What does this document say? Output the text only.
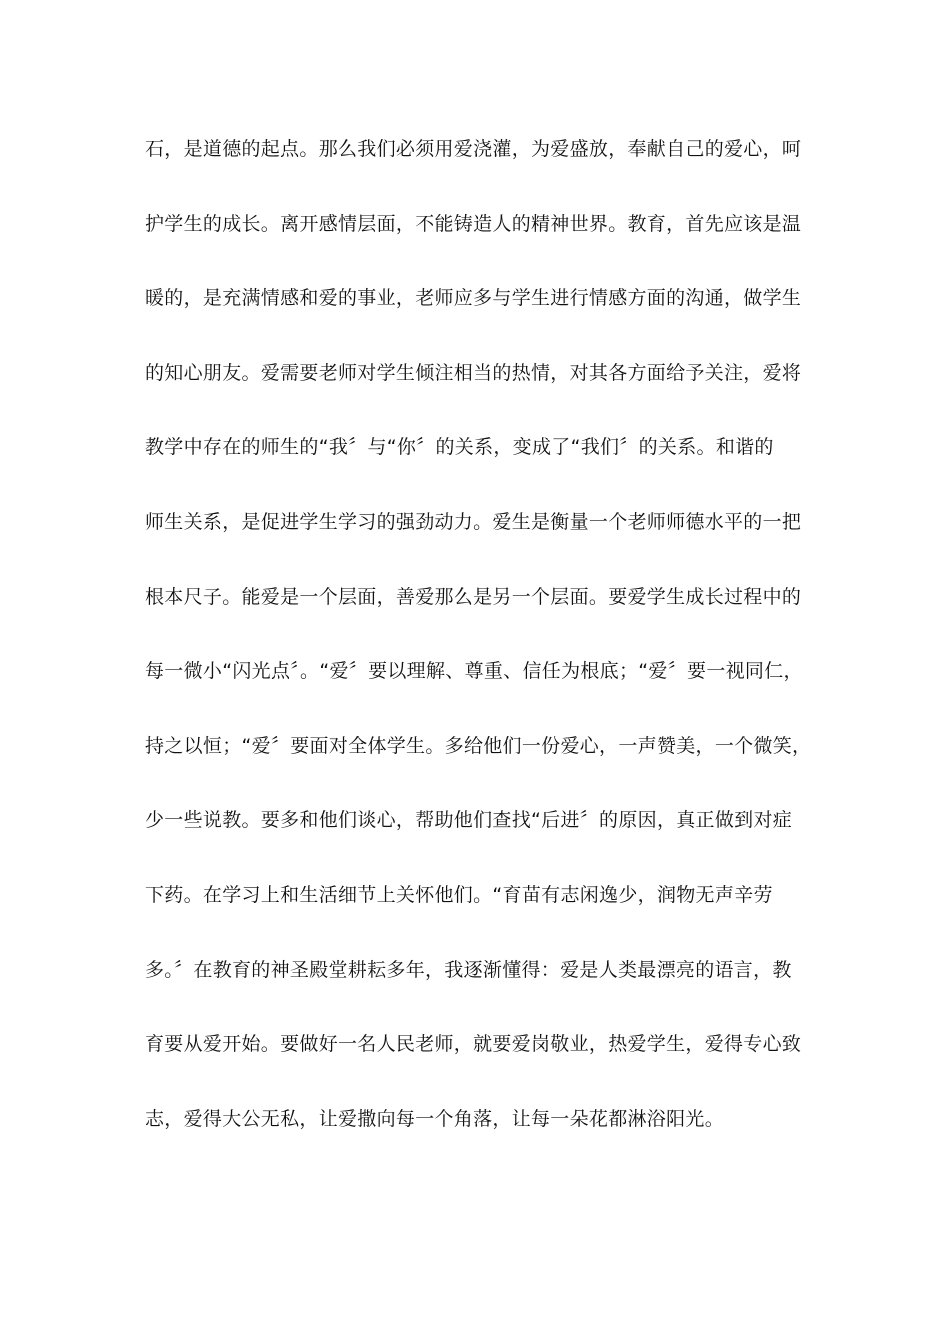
石，是道德的起点。那么我们必须用爱浇灌，为爱盛放，奉献自己的爱心，呵
护学生的成长。离开感情层面，不能铸造人的精神世界。教育，首先应该是温
暖的，是充满情感和爱的事业，老师应多与学生进行情感方面的沟通，做学生
的知心朋友。爱需要老师对学生倾注相当的热情，对其各方面给予关注，爱将
教学中存在的师生的“我〞与“你〞的关系，变成了“我们〞的关系。和谐的
师生关系，是促进学生学习的强劲动力。爱生是衡量一个老师师德水平的一把
根本尺子。能爱是一个层面，善爱那么是另一个层面。要爱学生成长过程中的
每一微小“闪光点〞。“爱〞要以理解、尊重、信任为根底；“爱〞要一视同仁，
持之以恒；“爱〞要面对全体学生。多给他们一份爱心，一声赞美，一个微笑，
少一些说教。要多和他们谈心，帮助他们查找“后进〞的原因，真正做到对症
下药。在学习上和生活细节上关怀他们。“育苗有志闲逸少，润物无声辛劳
多。〞在教育的神圣殿堂耕耘多年，我逐渐懂得：爱是人类最漂亮的语言，教
育要从爱开始。要做好一名人民老师，就要爱岗敬业，热爱学生，爱得专心致
志，爱得大公无私，让爱撒向每一个角落，让每一朵花都淋浴阳光。
